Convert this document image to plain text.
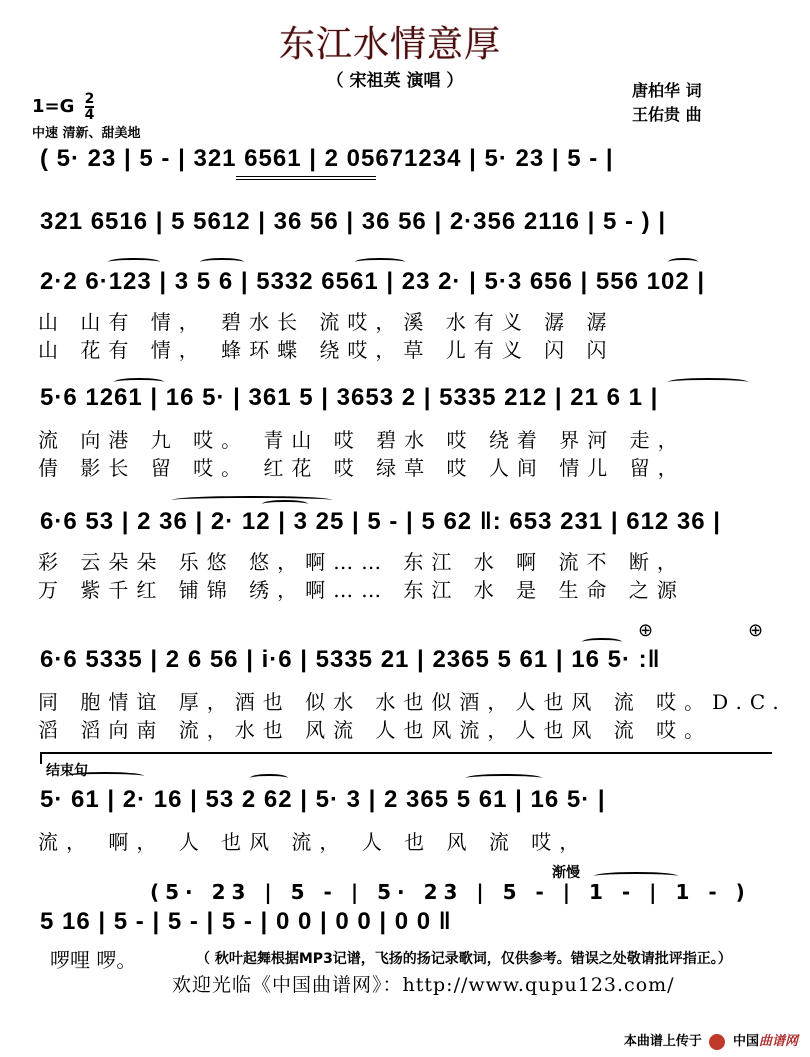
东江水情意厚
（ 宋祖英 演唱 ）	唐柏华 词
王佑贵 曲
$1=G \frac{2}{4}$
中速 清新、甜美地
( 5· 23 | 5 - | 321 6561 | 2 05671234 | 5· 23 | 5 - |
321 6516 | 5 5612 | 36 56 | 36 56 | 2·356 2116 | 5 - ) |
2·2 6·123 | 3 5 6 | 5332 6561 | 23 2· | 5·3 656 | 556 102 |
山 山有 情， 碧水长 流哎，溪 水有义 潺 潺
山 花有 情， 蜂环蝶 绕哎，草 儿有义 闪 闪
5·6 1261 | 16 5· | 361 5 | 3653 2 | 5335 212 | 21 6 1 |
流 向港 九 哎。 青山 哎 碧水 哎 绕着 界河 走，
倩 影长 留 哎。 红花 哎 绿草 哎 人间 情儿 留，
6·6 53 | 2 36 | 2· 12 | 3 25 | 5 - | 5 62 ‖: 653 231 | 612 36 |
彩 云朵朵 乐悠 悠，啊…… 东江 水 啊 流不 断，
万 紫千红 铺锦 绣，啊…… 东江 水 是 生命 之源
6·6 5335 | 2 6 56 | i·6 | 5335 21 | 2365 5 61 | 16 5· :‖
⊕	⊕
同 胞情谊 厚，酒也 似水 水也似酒，人也风 流 哎。D.C.
滔 滔向南 流，水也 风流 人也风流，人也风 流 哎。
结束句
5· 61 | 2· 16 | 53 2 62 | 5· 3 | 2 365 5 61 | 16 5· |
流， 啊， 人 也风 流， 人 也 风 流 哎，
渐慢
(5· 23 | 5 - | 5· 23 | 5 - | 1 - | 1 - )
5 16 | 5 - | 5 - | 5 - | 0 0 | 0 0 | 0 0 ‖
啰哩 啰。	（ 秋叶起舞根据MP3记谱，飞扬的扬记录歌词，仅供参考。错误之处敬请批评指正。）
欢迎光临《中国曲谱网》：http://www.qupu123.com/
本曲谱上传于 中国曲谱网
